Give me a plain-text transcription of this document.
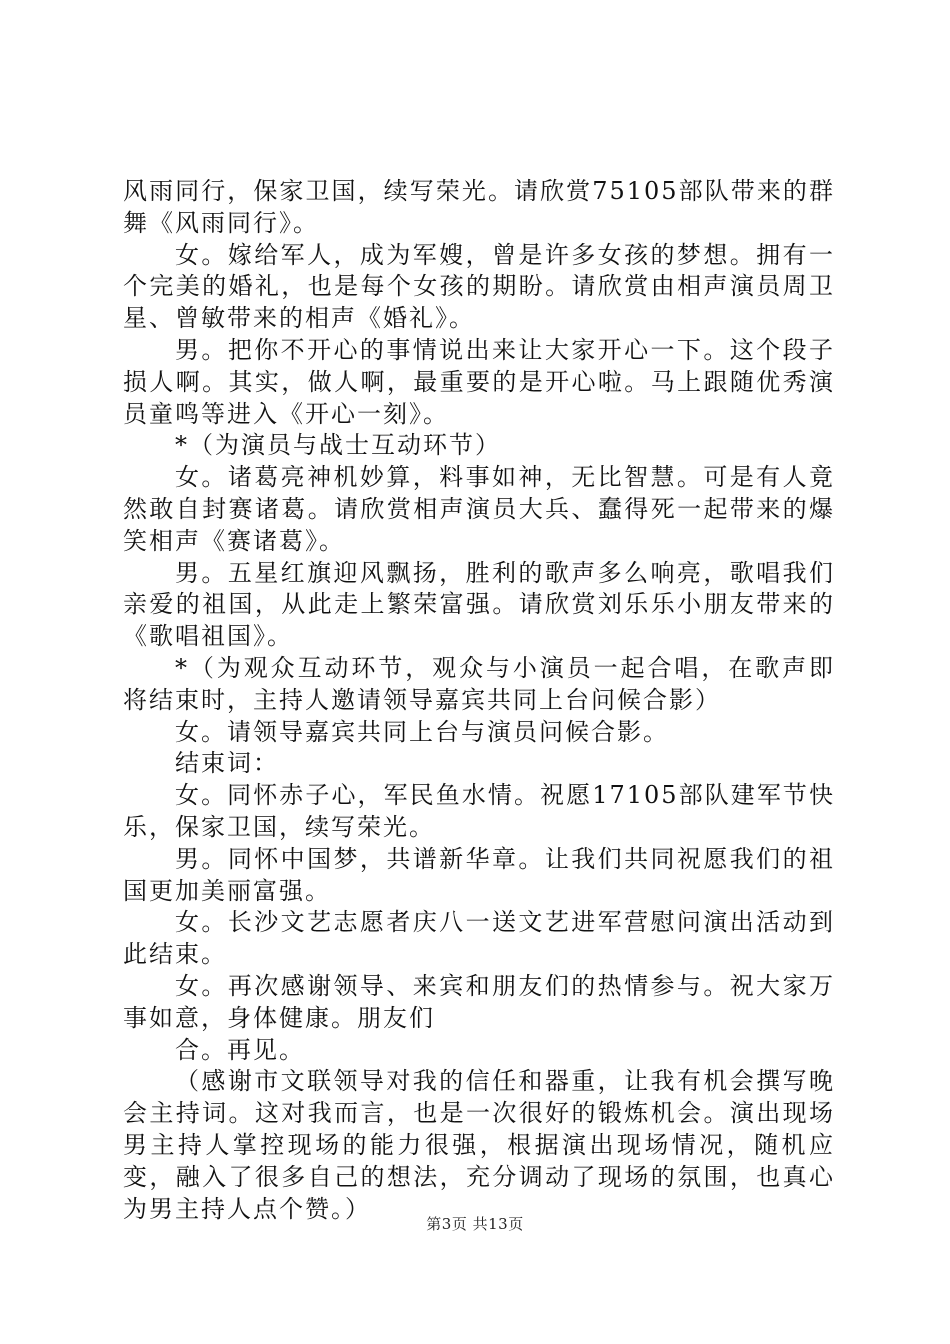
风雨同行，保家卫国，续写荣光。请欣赏75105部队带来的群舞《风雨同行》。

女。嫁给军人，成为军嫂，曾是许多女孩的梦想。拥有一个完美的婚礼，也是每个女孩的期盼。请欣赏由相声演员周卫星、曾敏带来的相声《婚礼》。

男。把你不开心的事情说出来让大家开心一下。这个段子损人啊。其实，做人啊，最重要的是开心啦。马上跟随优秀演员童鸣等进入《开心一刻》。

*（为演员与战士互动环节）

女。诸葛亮神机妙算，料事如神，无比智慧。可是有人竟然敢自封赛诸葛。请欣赏相声演员大兵、蠢得死一起带来的爆笑相声《赛诸葛》。

男。五星红旗迎风飘扬，胜利的歌声多么响亮，歌唱我们亲爱的祖国，从此走上繁荣富强。请欣赏刘乐乐小朋友带来的《歌唱祖国》。

*（为观众互动环节，观众与小演员一起合唱，在歌声即将结束时，主持人邀请领导嘉宾共同上台问候合影）

女。请领导嘉宾共同上台与演员问候合影。

结束词：

女。同怀赤子心，军民鱼水情。祝愿17105部队建军节快乐，保家卫国，续写荣光。

男。同怀中国梦，共谱新华章。让我们共同祝愿我们的祖国更加美丽富强。

女。长沙文艺志愿者庆八一送文艺进军营慰问演出活动到此结束。

女。再次感谢领导、来宾和朋友们的热情参与。祝大家万事如意，身体健康。朋友们

合。再见。

（感谢市文联领导对我的信任和器重，让我有机会撰写晚会主持词。这对我而言，也是一次很好的锻炼机会。演出现场男主持人掌控现场的能力很强，根据演出现场情况，随机应变，融入了很多自己的想法，充分调动了现场的氛围，也真心为男主持人点个赞。）

第3页 共13页
